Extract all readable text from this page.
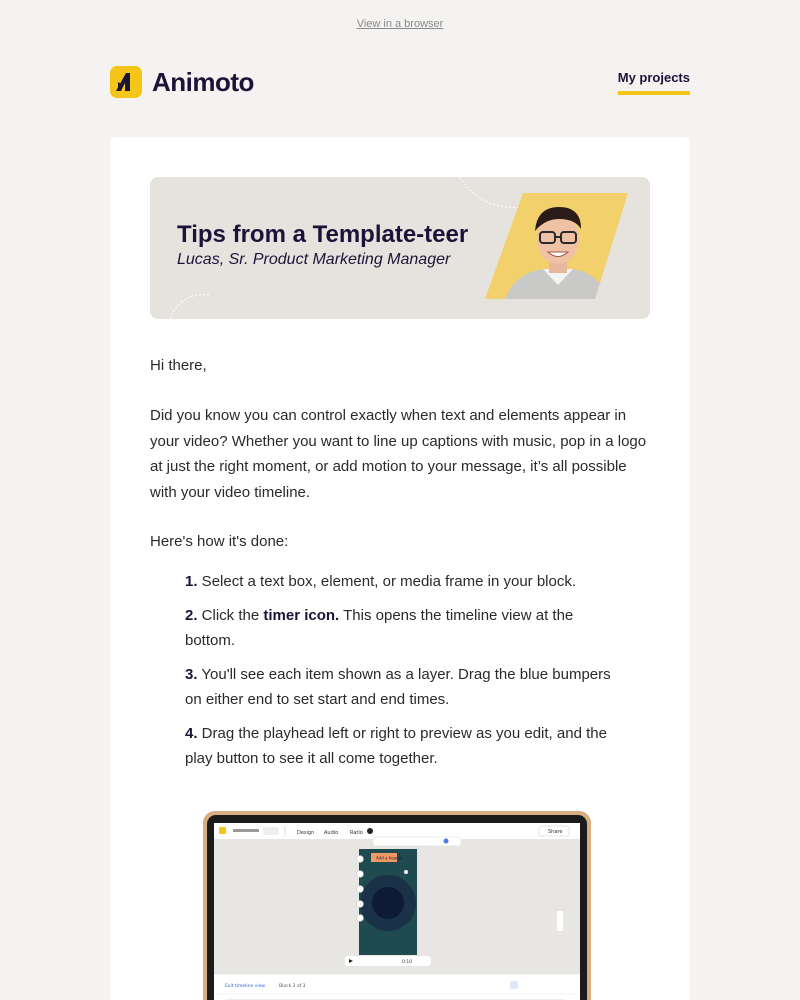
View in a browser
Animoto	My projects
Tips from a Template-teer
Lucas, Sr. Product Marketing Manager
Hi there,
Did you know you can control exactly when text and elements appear in your video? Whether you want to line up captions with music, pop in a logo at just the right moment, or add motion to your message, it’s all possible with your video timeline.
Here's how it's done:
1. Select a text box, element, or media frame in your block.
2. Click the timer icon. This opens the timeline view at the bottom.
3. You'll see each item shown as a layer. Drag the blue bumpers on either end to set start and end times.
4. Drag the playhead left or right to preview as you edit, and the play button to see it all come together.
Design Audio Ratio	Share
Add a header
0:10
Exit timeline view	Block 2 of 3
